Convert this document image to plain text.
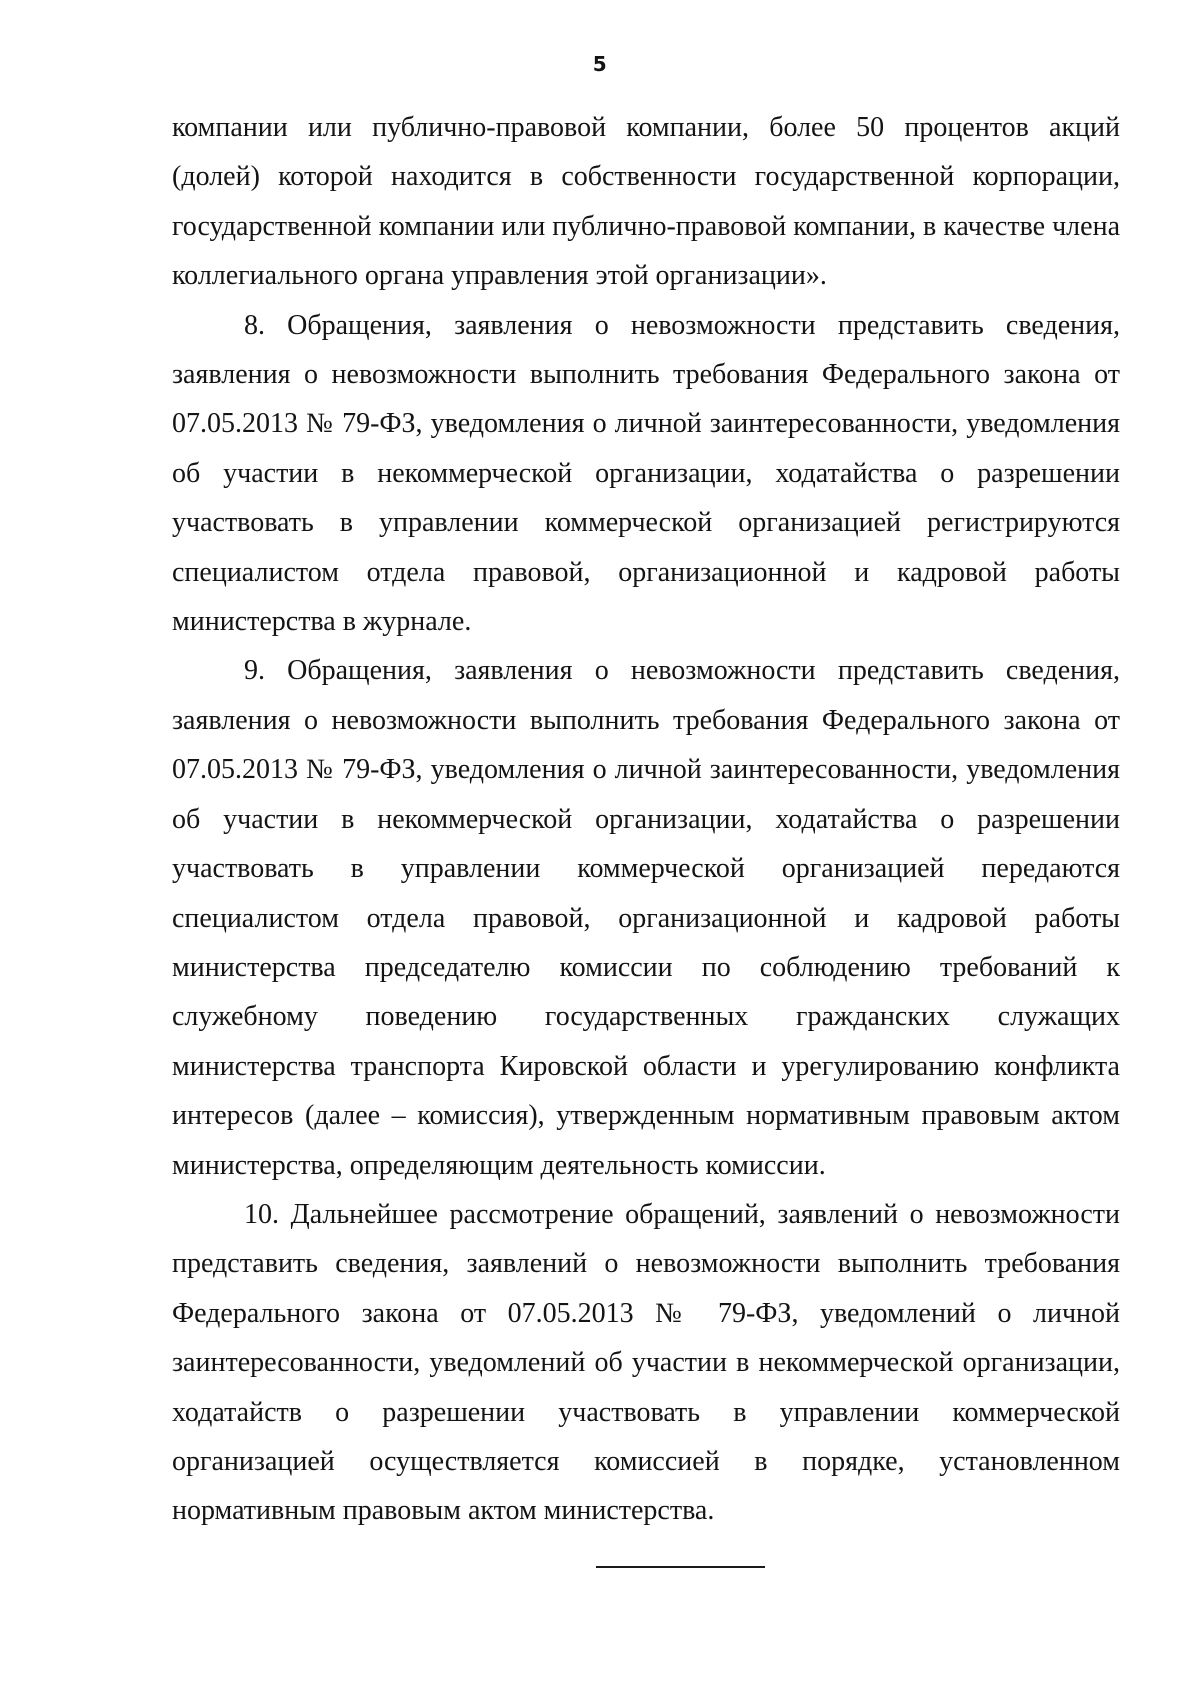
5

компании или публично-правовой компании, более 50 процентов акций (долей) которой находится в собственности государственной корпорации, государственной компании или публично-правовой компании, в качестве члена коллегиального органа управления этой организации».

8. Обращения, заявления о невозможности представить сведения, заявления о невозможности выполнить требования Федерального закона от 07.05.2013 № 79-ФЗ, уведомления о личной заинтересованности, уведомления об участии в некоммерческой организации, ходатайства о разрешении участвовать в управлении коммерческой организацией регистрируются специалистом отдела правовой, организационной и кадровой работы министерства в журнале.

9. Обращения, заявления о невозможности представить сведения, заявления о невозможности выполнить требования Федерального закона от 07.05.2013 № 79-ФЗ, уведомления о личной заинтересованности, уведомления об участии в некоммерческой организации, ходатайства о разрешении участвовать в управлении коммерческой организацией передаются специалистом отдела правовой, организационной и кадровой работы министерства председателю комиссии по соблюдению требований к служебному поведению государственных гражданских служащих министерства транспорта Кировской области и урегулированию конфликта интересов (далее – комиссия), утвержденным нормативным правовым актом министерства, определяющим деятельность комиссии.

10. Дальнейшее рассмотрение обращений, заявлений о невозможности представить сведения, заявлений о невозможности выполнить требования Федерального закона от 07.05.2013 № 79-ФЗ, уведомлений о личной заинтересованности, уведомлений об участии в некоммерческой организации, ходатайств о разрешении участвовать в управлении коммерческой организацией осуществляется комиссией в порядке, установленном нормативным правовым актом министерства.
